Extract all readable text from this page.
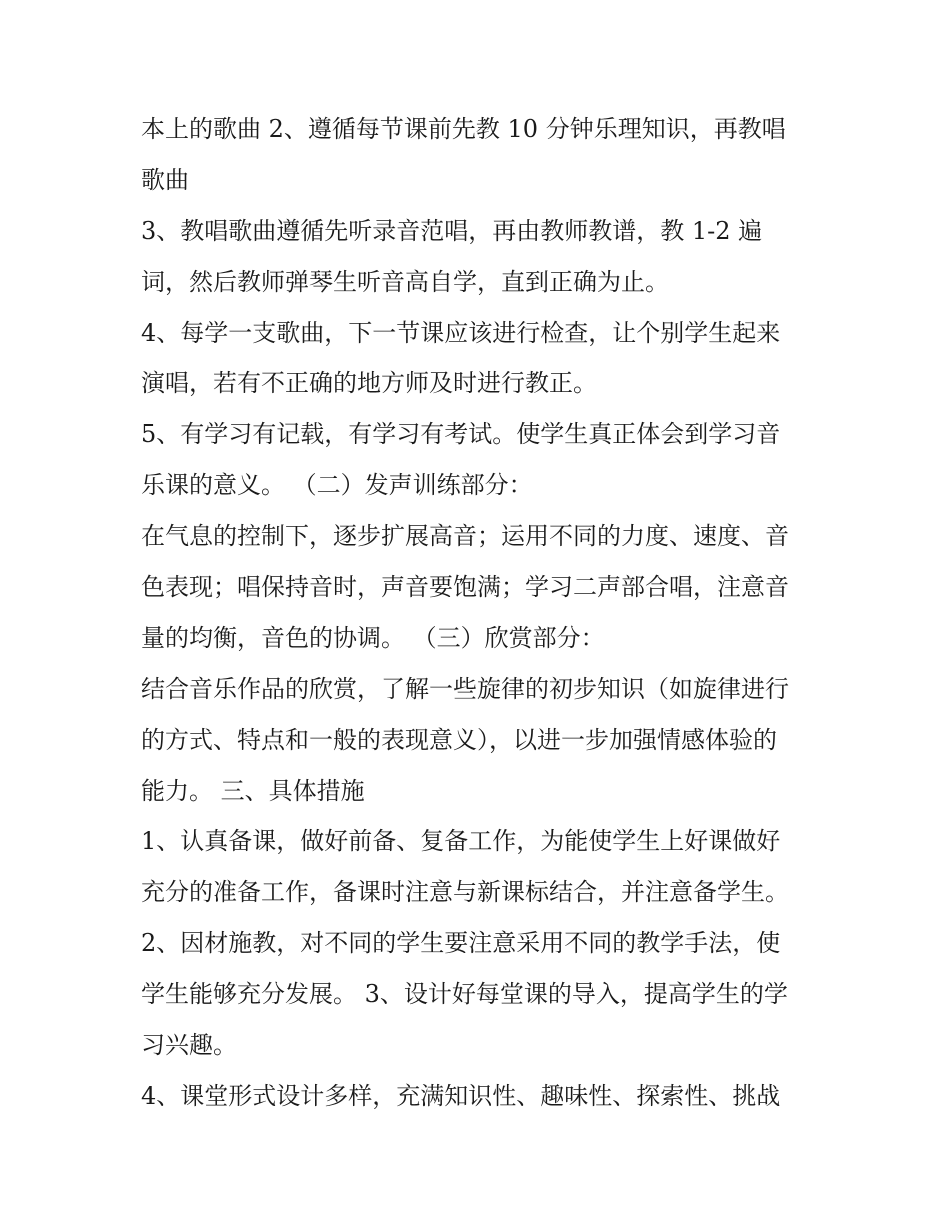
本上的歌曲 2、遵循每节课前先教 10 分钟乐理知识，再教唱
歌曲
3、教唱歌曲遵循先听录音范唱，再由教师教谱，教 1-2 遍
词，然后教师弹琴生听音高自学，直到正确为止。
4、每学一支歌曲，下一节课应该进行检查，让个别学生起来
演唱，若有不正确的地方师及时进行教正。
5、有学习有记载，有学习有考试。使学生真正体会到学习音
乐课的意义。 （二）发声训练部分：
在气息的控制下，逐步扩展高音；运用不同的力度、速度、音
色表现；唱保持音时，声音要饱满；学习二声部合唱，注意音
量的均衡，音色的协调。 （三）欣赏部分：
结合音乐作品的欣赏，了解一些旋律的初步知识（如旋律进行
的方式、特点和一般的表现意义），以进一步加强情感体验的
能力。 三、具体措施
1、认真备课，做好前备、复备工作，为能使学生上好课做好
充分的准备工作，备课时注意与新课标结合，并注意备学生。
2、因材施教，对不同的学生要注意采用不同的教学手法，使
学生能够充分发展。 3、设计好每堂课的导入，提高学生的学
习兴趣。
4、课堂形式设计多样，充满知识性、趣味性、探索性、挑战
